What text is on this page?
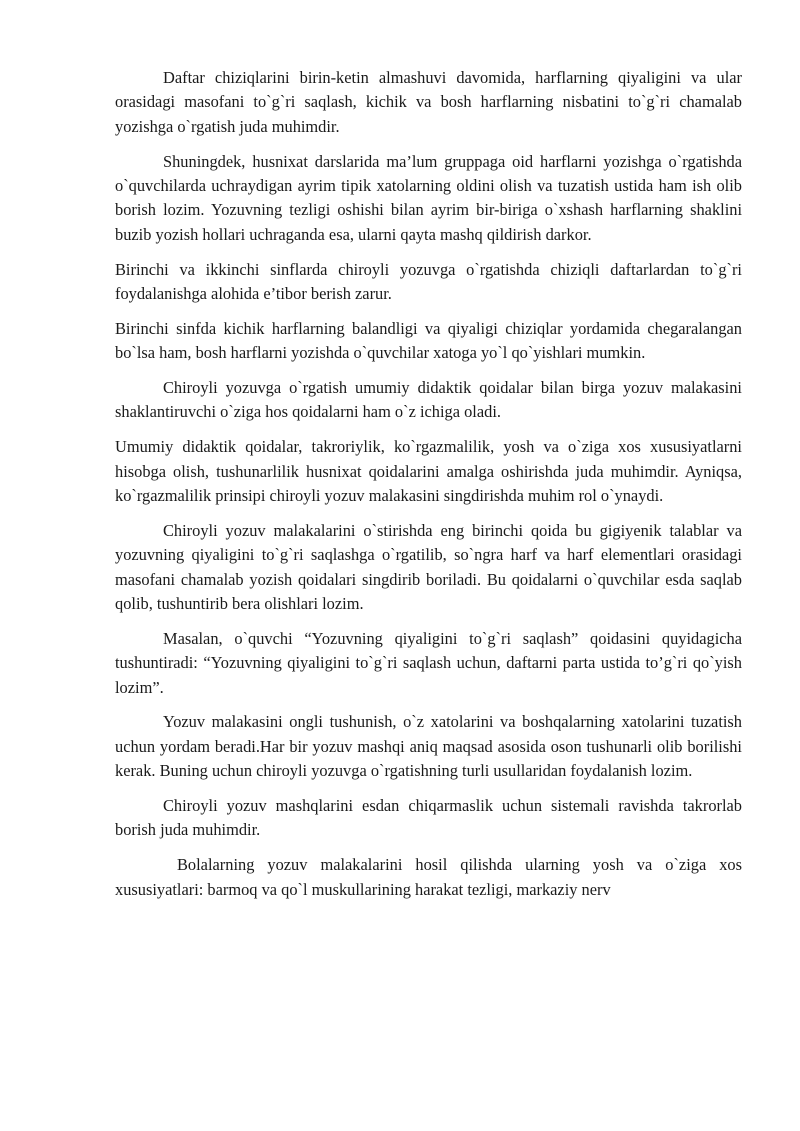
Daftar chiziqlarini birin-ketin almashuvi davomida, harflarning qiyaligini va ular orasidagi masofani to`g`ri saqlash, kichik va bosh harflarning nisbatini to`g`ri chamalab yozishga o`rgatish juda muhimdir.

Shuningdek, husnixat darslarida ma’lum gruppaga oid harflarni yozishga o`rgatishda o`quvchilarda uchraydigan ayrim tipik xatolarning oldini olish va tuzatish ustida ham ish olib borish lozim. Yozuvning tezligi oshishi bilan ayrim bir-biriga o`xshash harflarning shaklini buzib yozish hollari uchraganda esa, ularni qayta mashq qildirish darkor.

Birinchi va ikkinchi sinflarda chiroyli yozuvga o`rgatishda chiziqli daftarlardan to`g`ri foydalanishga alohida e’tibor berish zarur.

Birinchi sinfda kichik harflarning balandligi va qiyaligi chiziqlar yordamida chegaralangan bo`lsa ham, bosh harflarni yozishda o`quvchilar xatoga yo`l qo`yishlari mumkin.

Chiroyli yozuvga o`rgatish umumiy didaktik qoidalar bilan birga yozuv malakasini shaklantiruvchi o`ziga hos qoidalarni ham o`z ichiga oladi.

Umumiy didaktik qoidalar, takroriylik, ko`rgazmalilik, yosh va o`ziga xos xususiyatlarni hisobga olish, tushunarlilik husnixat qoidalarini amalga oshirishda juda muhimdir. Ayniqsa, ko`rgazmalilik prinsipi chiroyli yozuv malakasini singdirishda muhim rol o`ynaydi.

Chiroyli yozuv malakalarini o`stirishda eng birinchi qoida bu gigiyenik talablar va yozuvning qiyaligini to`g`ri saqlashga o`rgatilib, so`ngra harf va harf elementlari orasidagi masofani chamalab yozish qoidalari singdirib boriladi. Bu qoidalarni o`quvchilar esda saqlab qolib, tushuntirib bera olishlari lozim.

Masalan, o`quvchi “Yozuvning qiyaligini to`g`ri saqlash” qoidasini quyidagicha tushuntiradi: “Yozuvning qiyaligini to`g`ri saqlash uchun, daftarni parta ustida to’g`ri qo`yish lozim”.

Yozuv malakasini ongli tushunish, o`z xatolarini va boshqalarning xatolarini tuzatish uchun yordam beradi.Har bir yozuv mashqi aniq maqsad asosida oson tushunarli olib borilishi kerak. Buning uchun chiroyli yozuvga o`rgatishning turli usullaridan foydalanish lozim.

Chiroyli yozuv mashqlarini esdan chiqarmaslik uchun sistemali ravishda takrorlab borish juda muhimdir.

Bolalarning yozuv malakalarini hosil qilishda ularning yosh va o`ziga xos xususiyatlari: barmoq va qo`l muskullarining harakat tezligi, markaziy nerv
